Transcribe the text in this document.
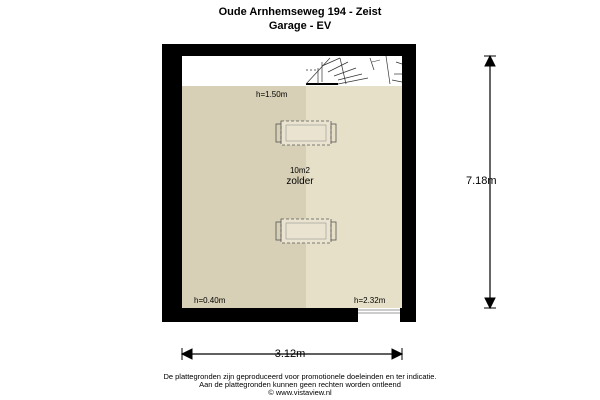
Oude Arnhemseweg 194 - Zeist
Garage - EV
h=1.50m
10m2
zolder
h=0.40m	h=2.32m
7.18m
3.12m
De plattegronden zijn geproduceerd voor promotionele doeleinden en ter indicatie.
Aan de plattegronden kunnen geen rechten worden ontleend
© www.vistaview.nl
